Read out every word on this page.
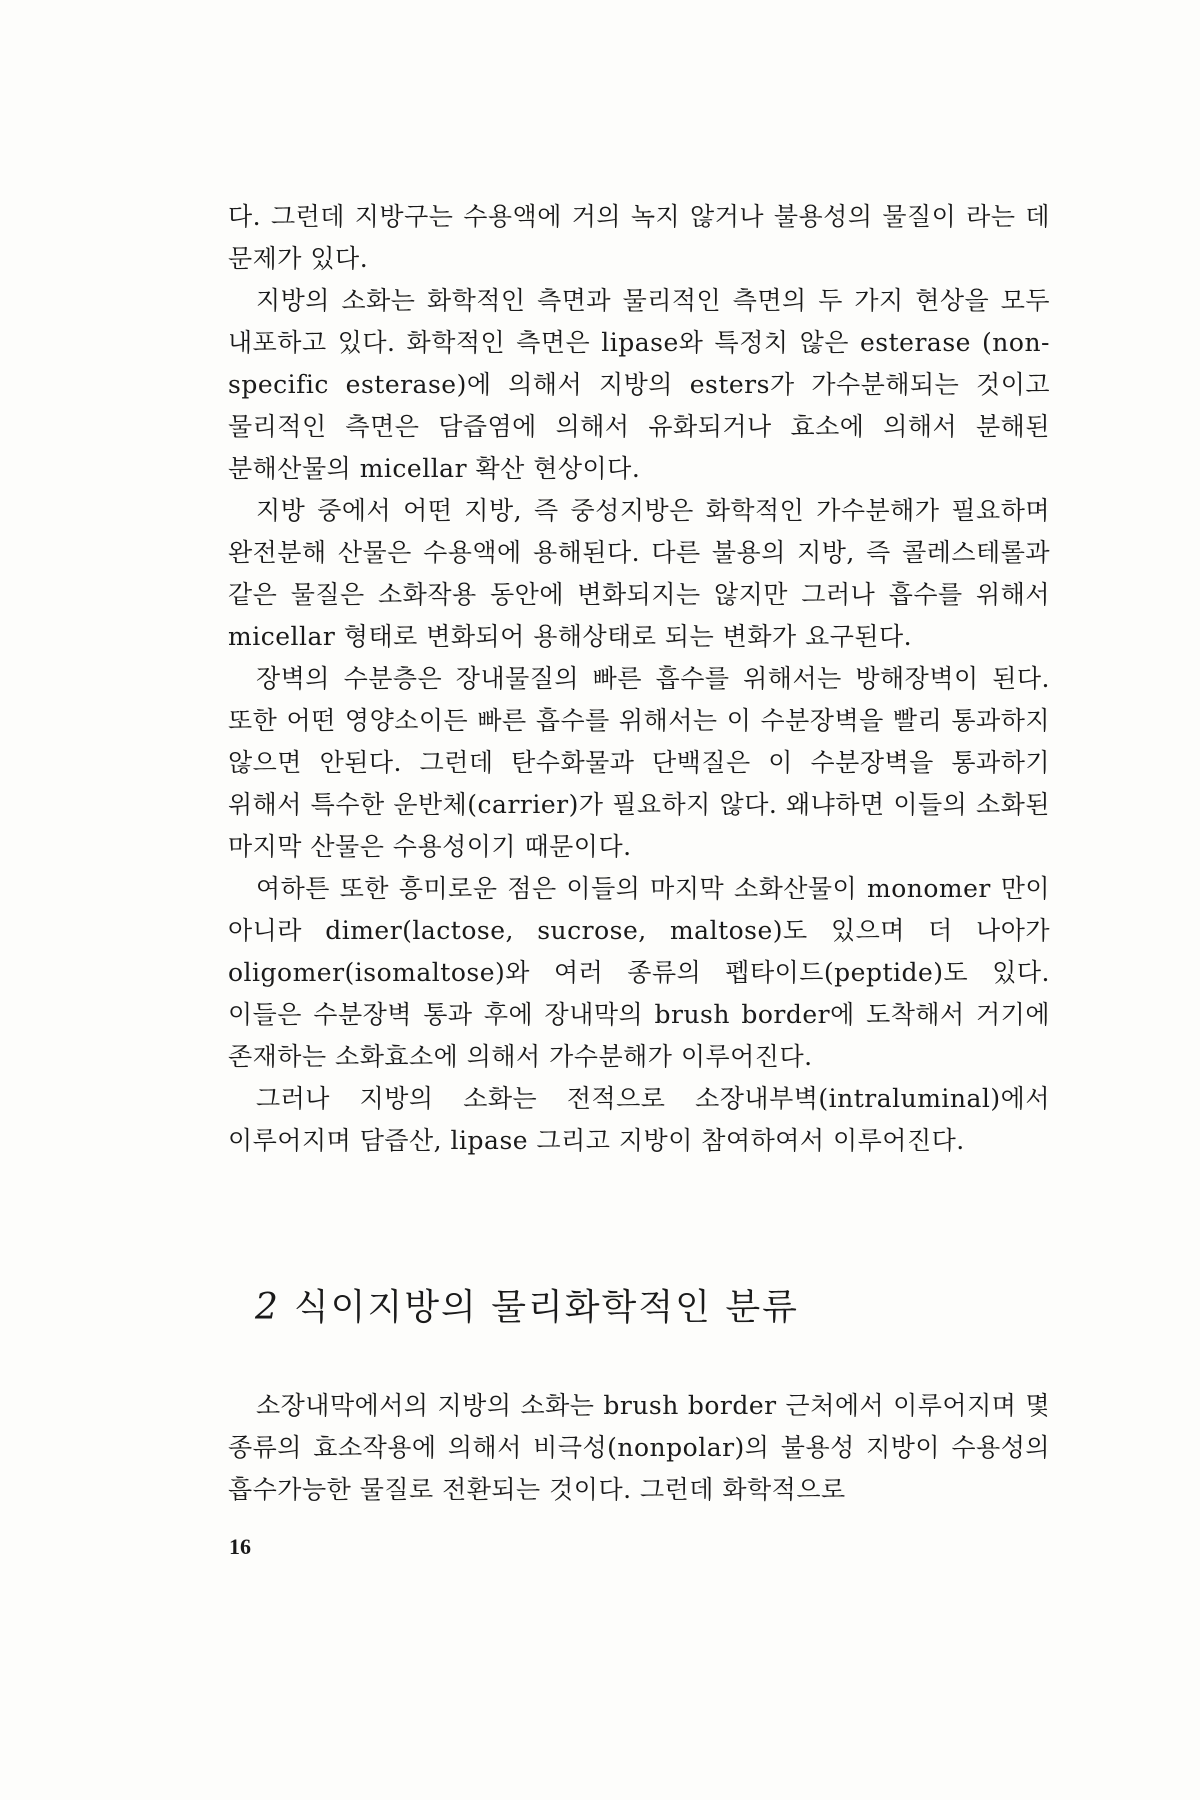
다. 그런데 지방구는 수용액에 거의 녹지 않거나 불용성의 물질이 라는 데 문제가 있다.

지방의 소화는 화학적인 측면과 물리적인 측면의 두 가지 현상을 모두 내포하고 있다. 화학적인 측면은 lipase와 특정치 않은 esterase (non-specific esterase)에 의해서 지방의 esters가 가수분해되는 것이고 물리적인 측면은 담즙염에 의해서 유화되거나 효소에 의해서 분해된 분해산물의 micellar 확산 현상이다.

지방 중에서 어떤 지방, 즉 중성지방은 화학적인 가수분해가 필요하며 완전분해 산물은 수용액에 용해된다. 다른 불용의 지방, 즉 콜레스테롤과 같은 물질은 소화작용 동안에 변화되지는 않지만 그러나 흡수를 위해서 micellar 형태로 변화되어 용해상태로 되는 변화가 요구된다.

장벽의 수분층은 장내물질의 빠른 흡수를 위해서는 방해장벽이 된다. 또한 어떤 영양소이든 빠른 흡수를 위해서는 이 수분장벽을 빨리 통과하지 않으면 안된다. 그런데 탄수화물과 단백질은 이 수분장벽을 통과하기 위해서 특수한 운반체(carrier)가 필요하지 않다. 왜냐하면 이들의 소화된 마지막 산물은 수용성이기 때문이다.

여하튼 또한 흥미로운 점은 이들의 마지막 소화산물이 monomer 만이 아니라 dimer(lactose, sucrose, maltose)도 있으며 더 나아가 oligomer(isomaltose)와 여러 종류의 펩타이드(peptide)도 있다. 이들은 수분장벽 통과 후에 장내막의 brush border에 도착해서 거기에 존재하는 소화효소에 의해서 가수분해가 이루어진다.

그러나 지방의 소화는 전적으로 소장내부벽(intraluminal)에서 이루어지며 담즙산, lipase 그리고 지방이 참여하여서 이루어진다.

2 식이지방의 물리화학적인 분류

소장내막에서의 지방의 소화는 brush border 근처에서 이루어지며 몇 종류의 효소작용에 의해서 비극성(nonpolar)의 불용성 지방이 수용성의 흡수가능한 물질로 전환되는 것이다. 그런데 화학적으로

16
